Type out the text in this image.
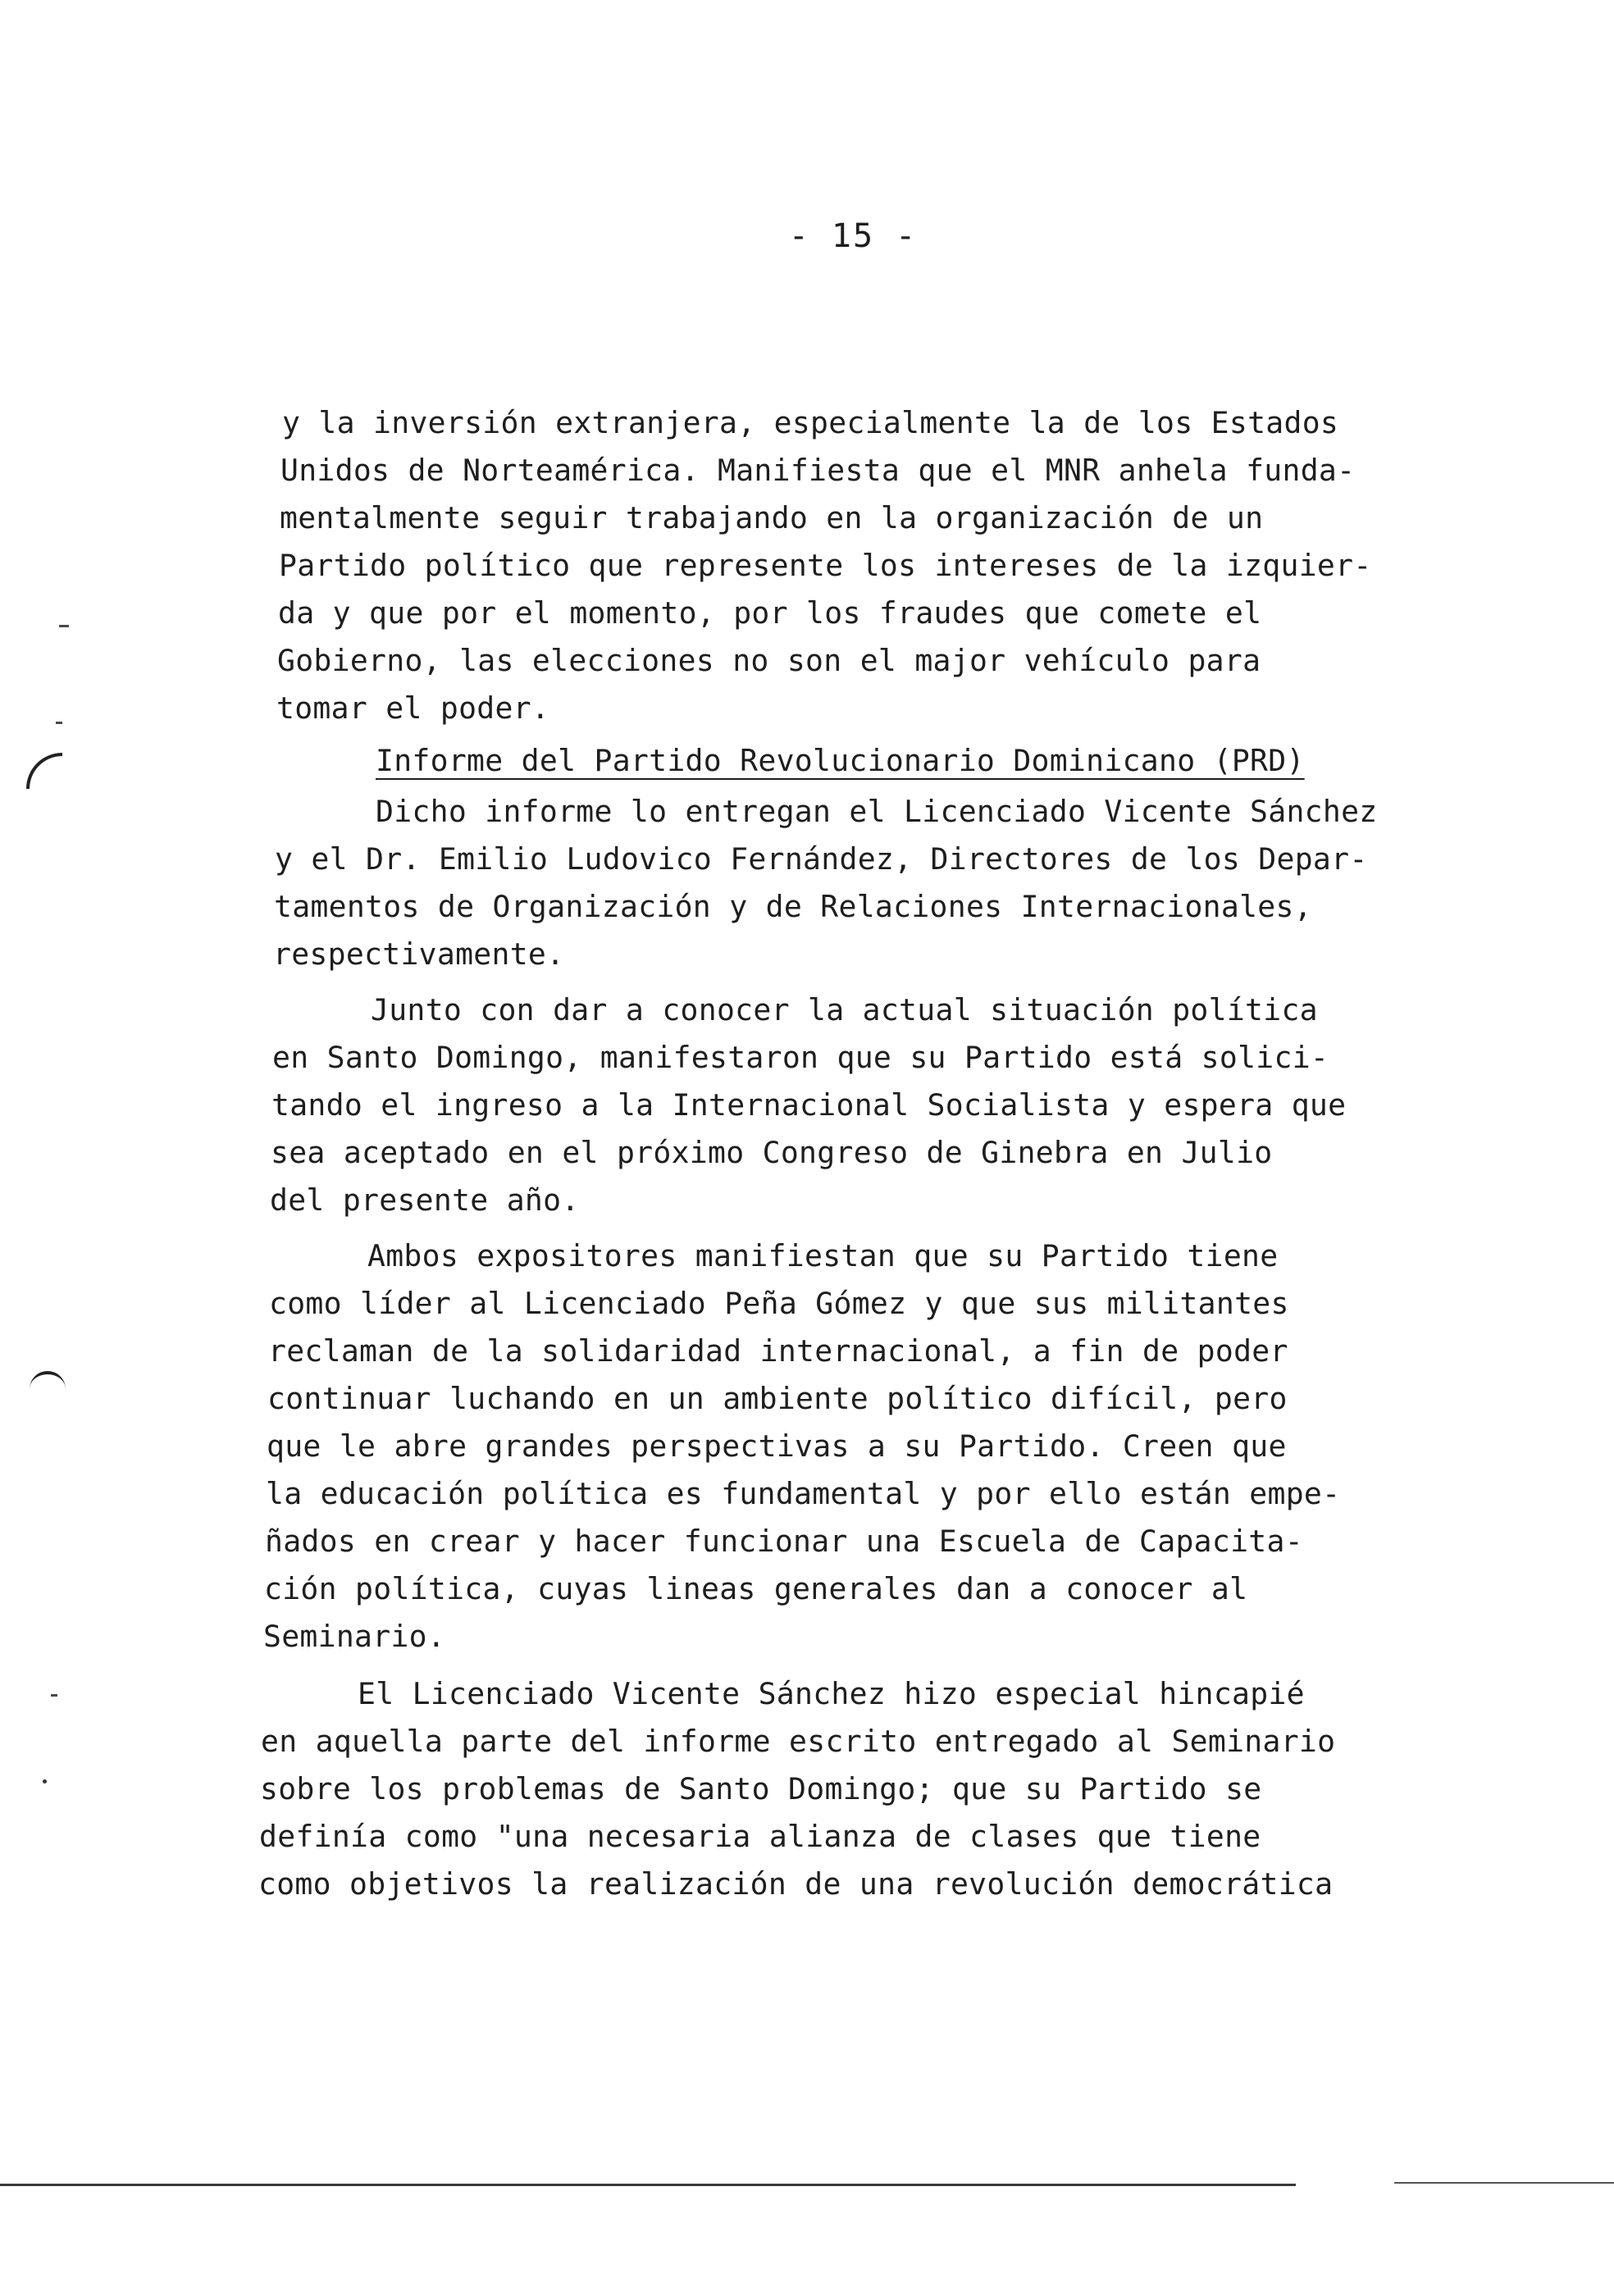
- 15 -
y la inversión extranjera, especialmente la de los Estados
Unidos de Norteamérica. Manifiesta que el MNR anhela funda-
mentalmente seguir trabajando en la organización de un
Partido político que represente los intereses de la izquier-
da y que por el momento, por los fraudes que comete el
Gobierno, las elecciones no son el major vehículo para
tomar el poder.
Informe del Partido Revolucionario Dominicano (PRD)
Dicho informe lo entregan el Licenciado Vicente Sánchez
y el Dr. Emilio Ludovico Fernández, Directores de los Depar-
tamentos de Organización y de Relaciones Internacionales,
respectivamente.
Junto con dar a conocer la actual situación política
en Santo Domingo, manifestaron que su Partido está solici-
tando el ingreso a la Internacional Socialista y espera que
sea aceptado en el próximo Congreso de Ginebra en Julio
del presente año.
Ambos expositores manifiestan que su Partido tiene
como líder al Licenciado Peña Gómez y que sus militantes
reclaman de la solidaridad internacional, a fin de poder
continuar luchando en un ambiente político difícil, pero
que le abre grandes perspectivas a su Partido. Creen que
la educación política es fundamental y por ello están empe-
ñados en crear y hacer funcionar una Escuela de Capacita-
ción política, cuyas lineas generales dan a conocer al
Seminario.
El Licenciado Vicente Sánchez hizo especial hincapié
en aquella parte del informe escrito entregado al Seminario
sobre los problemas de Santo Domingo; que su Partido se
definía como "una necesaria alianza de clases que tiene
como objetivos la realización de una revolución democrática
